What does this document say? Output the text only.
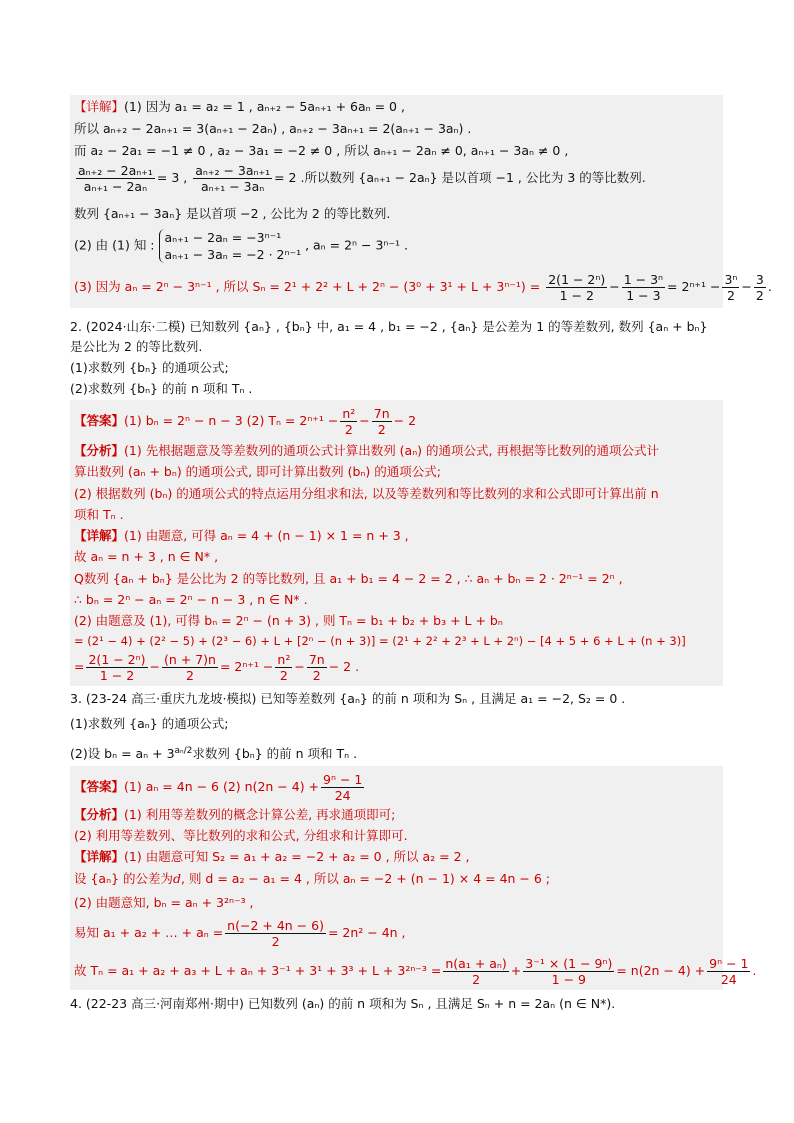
【详解】(1) 因为 a₁ = a₂ = 1 , aₙ₊₂ − 5aₙ₊₁ + 6aₙ = 0 ,
所以 aₙ₊₂ − 2aₙ₊₁ = 3(aₙ₊₁ − 2aₙ) , aₙ₊₂ − 3aₙ₊₁ = 2(aₙ₊₁ − 3aₙ) .
而 a₂ − 2a₁ = −1 ≠ 0 , a₂ − 3a₁ = −2 ≠ 0 , 所以 aₙ₊₁ − 2aₙ ≠ 0, aₙ₊₁ − 3aₙ ≠ 0 ,
$\frac{\text{aₙ₊₂ − 2aₙ₊₁}}{\text{aₙ₊₁ − 2aₙ}} = 3$ , $\frac{\text{aₙ₊₂ − 3aₙ₊₁}}{\text{aₙ₊₁ − 3aₙ}} = 2$ .所以数列 {aₙ₊₁ − 2aₙ} 是以首项 −1 , 公比为 3 的等比数列.
数列 {aₙ₊₁ − 3aₙ} 是以首项 −2 , 公比为 2 的等比数列.
(2) 由 (1) 知 : aₙ₊₁ − 2aₙ = −3ⁿ⁻¹
aₙ₊₁ − 3aₙ = −2 · 2ⁿ⁻¹
, aₙ = 2ⁿ − 3ⁿ⁻¹ .
(3) 因为 aₙ = 2ⁿ − 3ⁿ⁻¹ , 所以 $S_n = 2^1 + 2^2 + L + 2^n - (3^0 + 3^1 + L + 3^{n-1}) = \frac{\text{2(1 − 2ⁿ)}}{1 - 2} - \frac{\text{1 − 3ⁿ}}{1 - 3} = 2^{n+1} - \frac{\text{3ⁿ}}{2} - \frac{3}{2}$ .
2. (2024·山东·二模) 已知数列 {aₙ} , {bₙ} 中, a₁ = 4 , b₁ = −2 , {aₙ} 是公差为 1 的等差数列, 数列 {aₙ + bₙ}
是公比为 2 的等比数列.
(1)求数列 {bₙ} 的通项公式;
(2)求数列 {bₙ} 的前 n 项和 Tₙ .
【答案】(1) bₙ = 2ⁿ − n − 3 (2) $T_n = 2^{n+1} - \frac{\text{n²}}{2} - \frac{7n}{2} - 2$
【分析】(1) 先根据题意及等差数列的通项公式计算出数列 (aₙ) 的通项公式, 再根据等比数列的通项公式计
算出数列 (aₙ + bₙ) 的通项公式, 即可计算出数列 (bₙ) 的通项公式;
(2) 根据数列 (bₙ) 的通项公式的特点运用分组求和法, 以及等差数列和等比数列的求和公式即可计算出前 n
项和 Tₙ .
【详解】(1) 由题意, 可得 aₙ = 4 + (n − 1) × 1 = n + 3 ,
故 aₙ = n + 3 , n ∈ N* ,
Q数列 {aₙ + bₙ} 是公比为 2 的等比数列, 且 a₁ + b₁ = 4 − 2 = 2 , ∴ aₙ + bₙ = 2 · 2ⁿ⁻¹ = 2ⁿ ,
∴ bₙ = 2ⁿ − aₙ = 2ⁿ − n − 3 , n ∈ N* .
(2) 由题意及 (1), 可得 bₙ = 2ⁿ − (n + 3) , 则 Tₙ = b₁ + b₂ + b₃ + L + bₙ
= (2¹ − 4) + (2² − 5) + (2³ − 6) + L + [2ⁿ − (n + 3)] = (2¹ + 2² + 2³ + L + 2ⁿ) − [4 + 5 + 6 + L + (n + 3)]
= $\frac{\text{2(1 − 2ⁿ)}}{1 - 2} - \frac{(n + 7)n}{2} = 2^{n+1} - \frac{\text{n²}}{2} - \frac{7n}{2} - 2$ .
3. (23-24 高三·重庆九龙坡·模拟) 已知等差数列 {aₙ} 的前 n 项和为 Sₙ , 且满足 a₁ = −2, S₂ = 0 .
(1)求数列 {aₙ} 的通项公式;
(2)设 $b_n = a_n + 3^{a_n/2}$求数列 {bₙ} 的前 n 项和 Tₙ .
【答案】(1) aₙ = 4n − 6 (2) $n(2n - 4) + \frac{\text{9ⁿ − 1}}{24}$
【分析】(1) 利用等差数列的概念计算公差, 再求通项即可;
(2) 利用等差数列、等比数列的求和公式, 分组求和计算即可.
【详解】(1) 由题意可知 S₂ = a₁ + a₂ = −2 + a₂ = 0 , 所以 a₂ = 2 ,
设 {aₙ} 的公差为d, 则 d = a₂ − a₁ = 4 , 所以 aₙ = −2 + (n − 1) × 4 = 4n − 6 ;
(2) 由题意知, bₙ = aₙ + 3²ⁿ⁻³ ,
易知 a₁ + a₂ + … + $a_n = \frac{n(-2 + 4n - 6)}{2} = 2n^2 - 4n$ ,
故 $T_n = a_1 + a_2 + a_3 + L + a_n + 3^{-1} + 3^1 + 3^3 + L + 3^{2n-3} = \frac{\text{n(a₁ + aₙ)}}{2} + \frac{\text{3⁻¹ × (1 − 9ⁿ)}}{1 - 9} = n(2n - 4) + \frac{\text{9ⁿ − 1}}{24}$ .
4. (22-23 高三·河南郑州·期中) 已知数列 (aₙ) 的前 n 项和为 Sₙ , 且满足 Sₙ + n = 2aₙ (n ∈ N*).
